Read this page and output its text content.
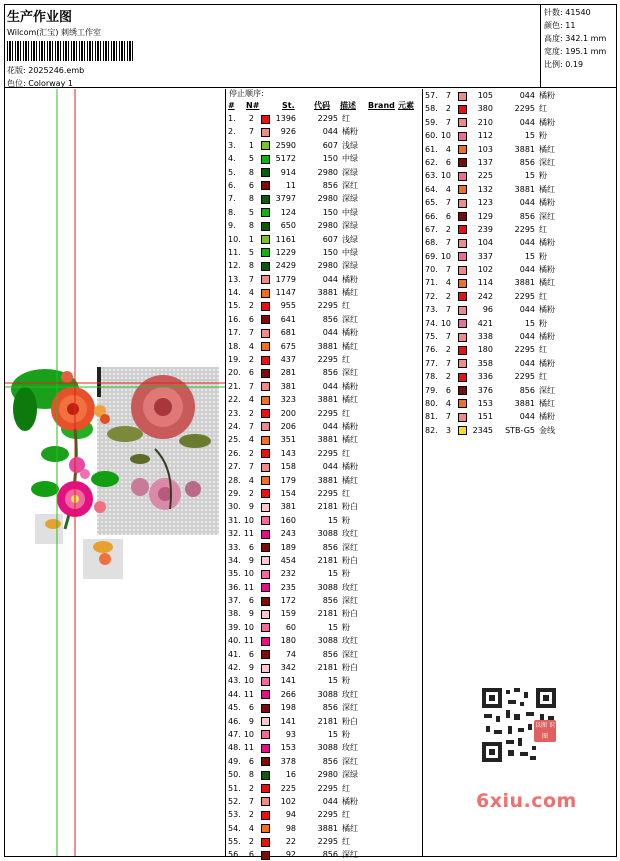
生产作业图
Wilcom(汇宝) 刺绣工作室
花版: 2025246.emb
色位: Colorway 1
针数: 41540
颜色: 11
高度: 342.1 mm
宽度: 195.1 mm
比例: 0.19
停止顺序:
# N#	St. 代码 描述 Brand 元素
1.	2	1396	2295 红
2.	7	926	044 橘粉
3.	1	2590	607 浅绿
4.	5	5172	150 中绿
5.	8	914	2980 深绿
6.	6	11	856 深红
7.	8	3797	2980 深绿
8.	5	124	150 中绿
9.	8	650	2980 深绿
10.	1	1161	607 浅绿
11.	5	1229	150 中绿
12.	8	2429	2980 深绿
13.	7	1779	044 橘粉
14.	4	1147	3881 橘红
15.	2	955	2295 红
16.	6	641	856 深红
17.	7	681	044 橘粉
18.	4	675	3881 橘红
19.	2	437	2295 红
20.	6	281	856 深红
21.	7	381	044 橘粉
22.	4	323	3881 橘红
23.	2	200	2295 红
24.	7	206	044 橘粉
25.	4	351	3881 橘红
26.	2	143	2295 红
27.	7	158	044 橘粉
28.	4	179	3881 橘红
29.	2	154	2295 红
30.	9	381	2181 粉白
31. 10	160	15 粉
32. 11	243	3088 玫红
33.	6	189	856 深红
34.	9	454	2181 粉白
35. 10	232	15 粉
36. 11	235	3088 玫红
37.	6	172	856 深红
38.	9	159	2181 粉白
39. 10	60	15 粉
40. 11	180	3088 玫红
41.	6	74	856 深红
42.	9	342	2181 粉白
43. 10	141	15 粉
44. 11	266	3088 玫红
45.	6	198	856 深红
46.	9	141	2181 粉白
47. 10	93	15 粉
48. 11	153	3088 玫红
49.	6	378	856 深红
50.	8	16	2980 深绿
51.	2	225	2295 红
52.	7	102	044 橘粉
53.	2	94	2295 红
54.	4	98	3881 橘红
55.	2	22	2295 红
56.	6	92	856 深红
57.	7	105	044 橘粉
58.	2	380	2295 红
59.	7	210	044 橘粉
60. 10	112	15 粉
61.	4	103	3881 橘红
62.	6	137	856 深红
63. 10	225	15 粉
64.	4	132	3881 橘红
65.	7	123	044 橘粉
66.	6	129	856 深红
67.	2	239	2295 红
68.	7	104	044 橘粉
69. 10	337	15 粉
70.	7	102	044 橘粉
71.	4	114	3881 橘红
72.	2	242	2295 红
73.	7	96	044 橘粉
74. 10	421	15 粉
75.	7	338	044 橘粉
76.	2	180	2295 红
77.	7	358	044 橘粉
78.	2	336	2295 红
79.	6	376	856 深红
80.	4	153	3881 橘红
81.	7	151	044 橘粉
82.	3	2345 STB-G5 金线
以图 识图
6xiu.com
